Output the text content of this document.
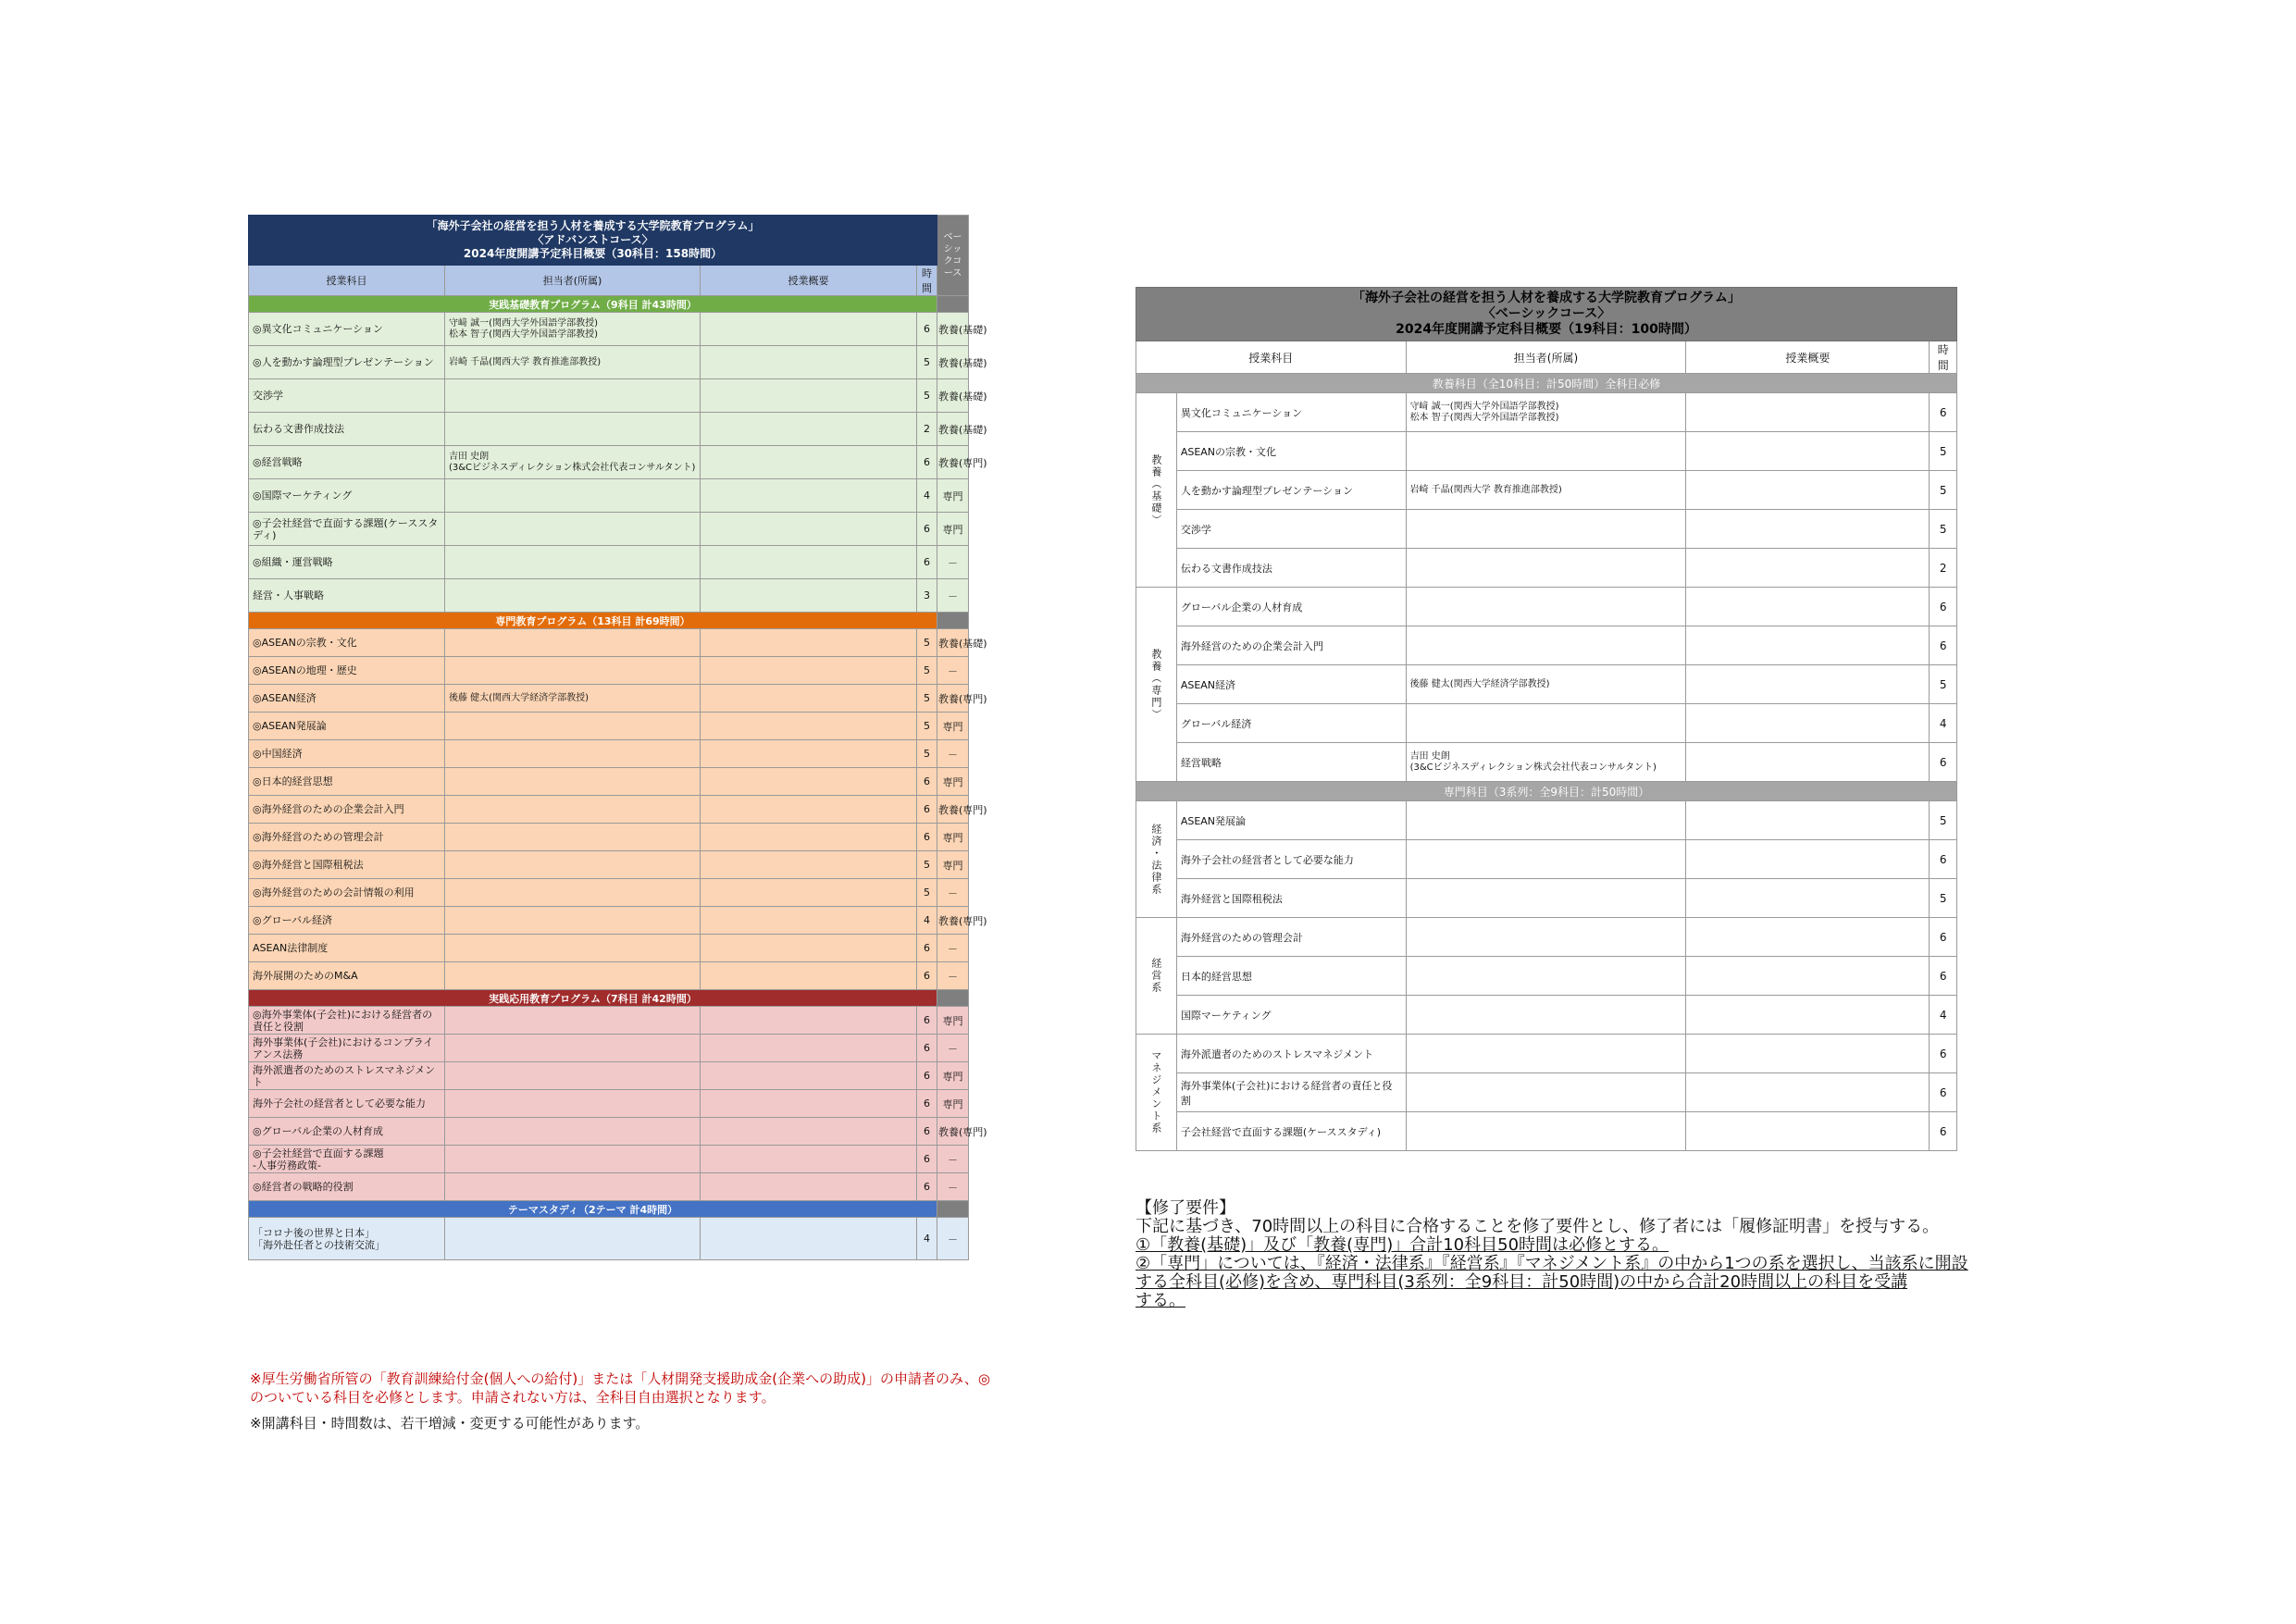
「海外子会社の経営を担う人材を養成する大学院教育プログラム」
〈アドバンストコース〉
2024年度開講予定科目概要（30科目：158時間）				ベーシックコース
授業科目	担当者(所属)	授業概要	時間	
実践基礎教育プログラム（9科目 計43時間）				
◎異文化コミュニケーション	守﨑 誠一(関西大学外国語学部教授)
松本 智子(関西大学外国語学部教授)		6	教養(基礎)
◎人を動かす論理型プレゼンテーション	岩崎 千晶(関西大学 教育推進部教授)		5	教養(基礎)
交渉学			5	教養(基礎)
伝わる文書作成技法			2	教養(基礎)
◎経営戦略	吉田 史朗
(3&Cビジネスディレクション株式会社代表コンサルタント)		6	教養(専門)
◎国際マーケティング			4	専門
◎子会社経営で直面する課題(ケーススタディ)			6	専門
◎組織・運営戦略			6	－
経営・人事戦略			3	－
専門教育プログラム（13科目 計69時間）				
◎ASEANの宗教・文化			5	教養(基礎)
◎ASEANの地理・歴史			5	－
◎ASEAN経済	後藤 健太(関西大学経済学部教授)		5	教養(専門)
◎ASEAN発展論			5	専門
◎中国経済			5	－
◎日本的経営思想			6	専門
◎海外経営のための企業会計入門			6	教養(専門)
◎海外経営のための管理会計			6	専門
◎海外経営と国際租税法			5	専門
◎海外経営のための会計情報の利用			5	－
◎グローバル経済			4	教養(専門)
ASEAN法律制度			6	－
海外展開のためのM&A			6	－
実践応用教育プログラム（7科目 計42時間）				
◎海外事業体(子会社)における経営者の責任と役割			6	専門
海外事業体(子会社)におけるコンプライアンス法務			6	－
海外派遣者のためのストレスマネジメント			6	専門
海外子会社の経営者として必要な能力			6	専門
◎グローバル企業の人材育成			6	教養(専門)
◎子会社経営で直面する課題
-人事労務政策-			6	－
◎経営者の戦略的役割			6	－
テーマスタディ（2テーマ 計4時間）				
「コロナ後の世界と日本」
「海外赴任者との技術交流」			4	－
※厚生労働省所管の「教育訓練給付金(個人への給付)」または「人材開発支援助成金(企業への助成)」の申請者のみ、◎のついている科目を必修とします。申請されない方は、全科目自由選択となります。
※開講科目・時間数は、若干増減・変更する可能性があります。
「海外子会社の経営を担う人材を養成する大学院教育プログラム」
〈ベーシックコース〉
2024年度開講予定科目概要（19科目：100時間）				

授業科目		担当者(所属)	授業概要	時間
教養科目（全10科目：計50時間）全科目必修				
教養（基礎）	異文化コミュニケーション	守﨑 誠一(関西大学外国語学部教授)
松本 智子(関西大学外国語学部教授)		6
	ASEANの宗教・文化			5
	人を動かす論理型プレゼンテーション	岩崎 千晶(関西大学 教育推進部教授)		5
	交渉学			5
	伝わる文書作成技法			2
教養（専門）	グローバル企業の人材育成			6
	海外経営のための企業会計入門			6
	ASEAN経済	後藤 健太(関西大学経済学部教授)		5
	グローバル経済			4
	経営戦略	吉田 史朗
(3&Cビジネスディレクション株式会社代表コンサルタント)		6
専門科目（3系列：全9科目：計50時間）				
経済・法律系	ASEAN発展論			5
	海外子会社の経営者として必要な能力			6
	海外経営と国際租税法			5
経営系	海外経営のための管理会計			6
	日本的経営思想			6
	国際マーケティング			4
マネジメント系	海外派遣者のためのストレスマネジメント			6
	海外事業体(子会社)における経営者の責任と役割			6
	子会社経営で直面する課題(ケーススタディ)			6
【修了要件】
下記に基づき、70時間以上の科目に合格することを修了要件とし、修了者には「履修証明書」を授与する。
①「教養(基礎)」及び「教養(専門)」合計10科目50時間は必修とする。
②「専門」については、『経済・法律系』『経営系』『マネジメント系』の中から1つの系を選択し、当該系に開設
する全科目(必修)を含め、専門科目(3系列：全9科目：計50時間)の中から合計20時間以上の科目を受講
する。
